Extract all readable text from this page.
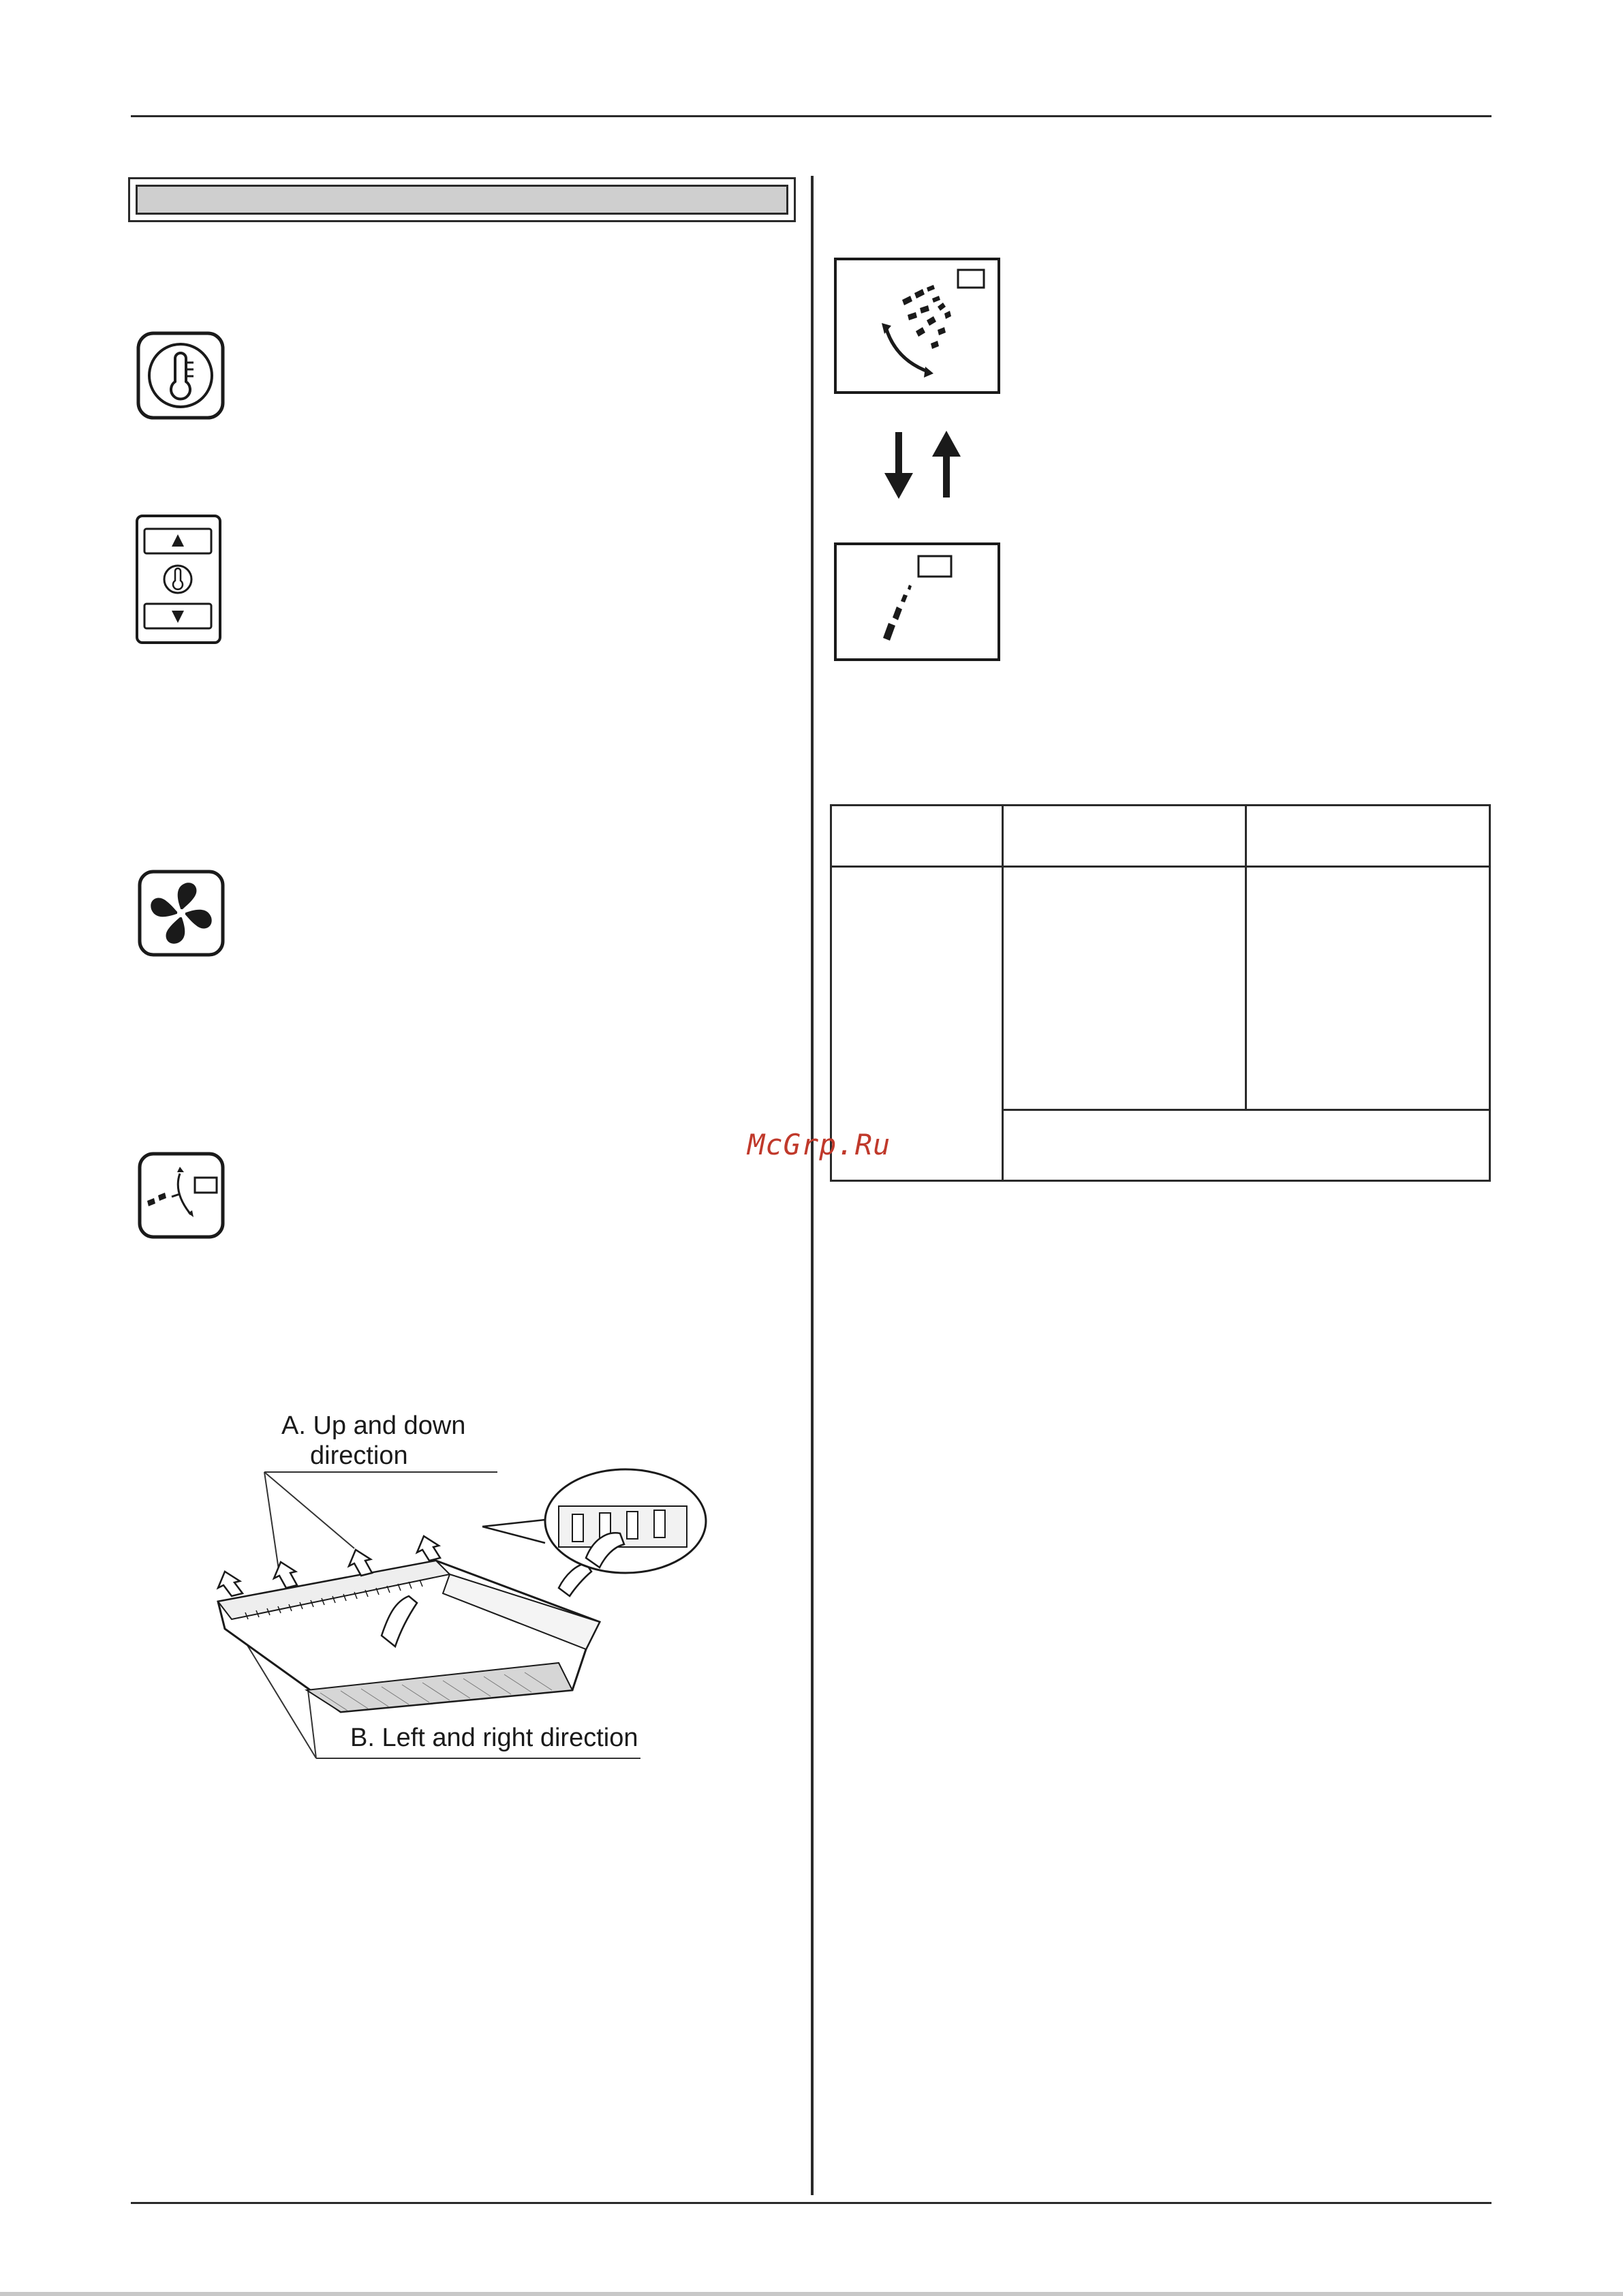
McGrp.Ru
A. Up and down
direction
B. Left and right direction
